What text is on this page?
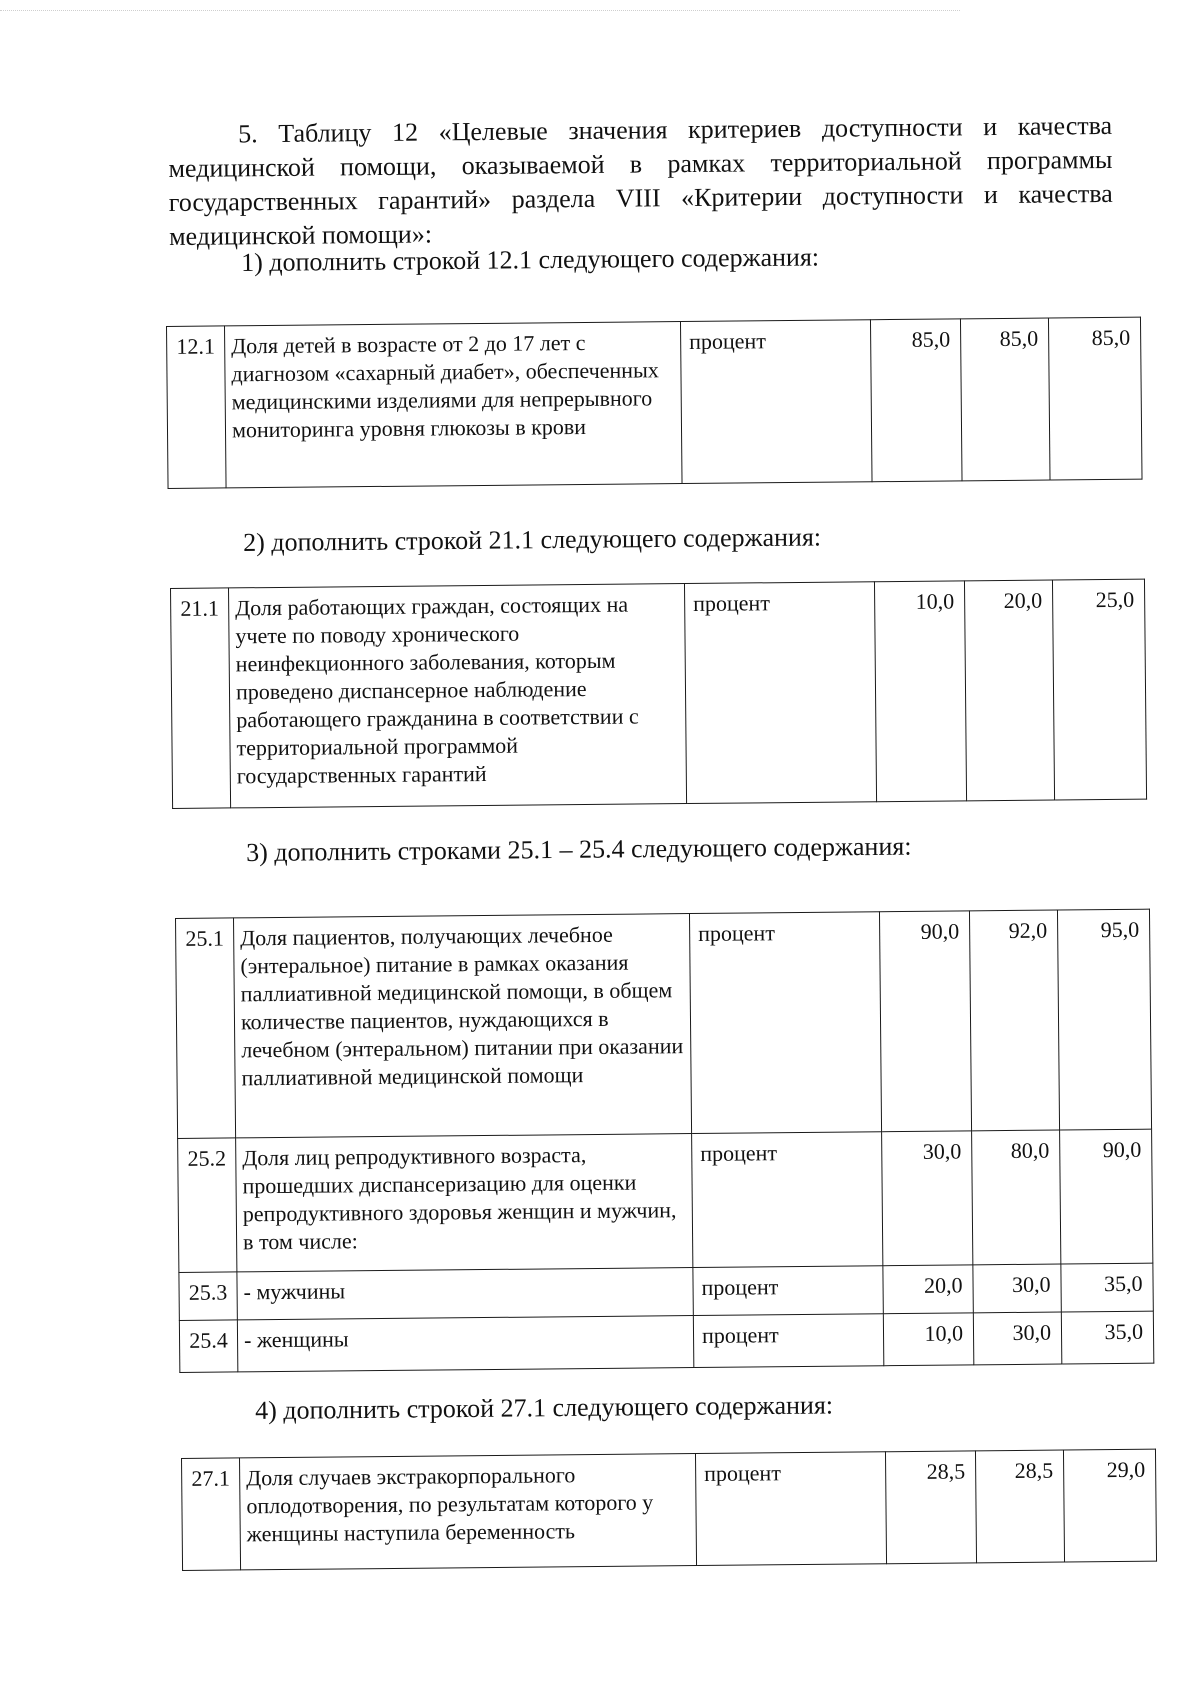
5. Таблицу 12 «Целевые значения критериев доступности и качества медицинской помощи, оказываемой в рамках территориальной программы государственных гарантий» раздела VIII «Критерии доступности и качества медицинской помощи»:

1) дополнить строкой 12.1 следующего содержания:

12.1	Доля детей в возрасте от 2 до 17 лет с диагнозом «сахарный диабет», обеспеченных медицинскими изделиями для непрерывного мониторинга уровня глюкозы в крови	процент	85,0	85,0	85,0

2) дополнить строкой 21.1 следующего содержания:

21.1	Доля работающих граждан, состоящих на учете по поводу хронического неинфекционного заболевания, которым проведено диспансерное наблюдение работающего гражданина в соответствии с территориальной программой государственных гарантий	процент	10,0	20,0	25,0

3) дополнить строками 25.1 – 25.4 следующего содержания:

25.1	Доля пациентов, получающих лечебное (энтеральное) питание в рамках оказания паллиативной медицинской помощи, в общем количестве пациентов, нуждающихся в лечебном (энтеральном) питании при оказании паллиативной медицинской помощи	процент	90,0	92,0	95,0
25.2	Доля лиц репродуктивного возраста, прошедших диспансеризацию для оценки репродуктивного здоровья женщин и мужчин, в том числе:	процент	30,0	80,0	90,0
25.3	- мужчины	процент	20,0	30,0	35,0
25.4	- женщины	процент	10,0	30,0	35,0

4) дополнить строкой 27.1 следующего содержания:

27.1	Доля случаев экстракорпорального оплодотворения, по результатам которого у женщины наступила беременность	процент	28,5	28,5	29,0
